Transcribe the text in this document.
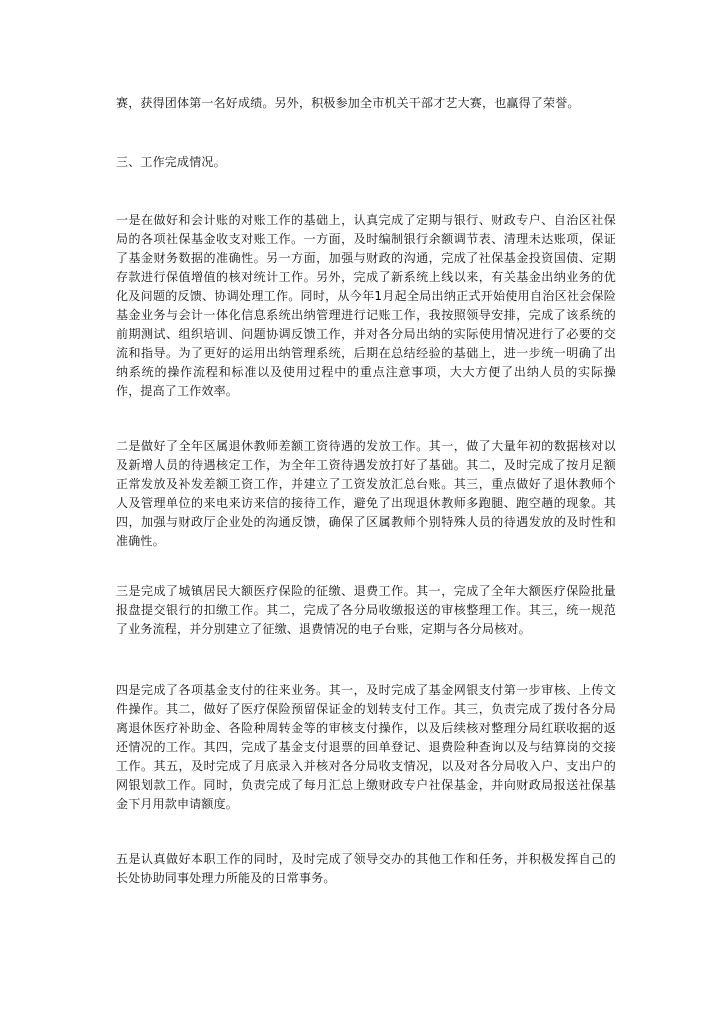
赛，获得团体第一名好成绩。另外，积极参加全市机关干部才艺大赛，也赢得了荣誉。

三、工作完成情况。

一是在做好和会计账的对账工作的基础上，认真完成了定期与银行、财政专户、自治区社保局的各项社保基金收支对账工作。一方面，及时编制银行余额调节表、清理未达账项，保证了基金财务数据的准确性。另一方面，加强与财政的沟通，完成了社保基金投资国债、定期存款进行保值增值的核对统计工作。另外，完成了新系统上线以来，有关基金出纳业务的优化及问题的反馈、协调处理工作。同时，从今年1月起全局出纳正式开始使用自治区社会保险基金业务与会计一体化信息系统出纳管理进行记账工作，我按照领导安排，完成了该系统的前期测试、组织培训、问题协调反馈工作，并对各分局出纳的实际使用情况进行了必要的交流和指导。为了更好的运用出纳管理系统，后期在总结经验的基础上，进一步统一明确了出纳系统的操作流程和标准以及使用过程中的重点注意事项，大大方便了出纳人员的实际操作，提高了工作效率。

二是做好了全年区属退休教师差额工资待遇的发放工作。其一，做了大量年初的数据核对以及新增人员的待遇核定工作，为全年工资待遇发放打好了基础。其二，及时完成了按月足额正常发放及补发差额工资工作，并建立了工资发放汇总台账。其三，重点做好了退休教师个人及管理单位的来电来访来信的接待工作，避免了出现退休教师多跑腿、跑空趟的现象。其四，加强与财政厅企业处的沟通反馈，确保了区属教师个别特殊人员的待遇发放的及时性和准确性。

三是完成了城镇居民大额医疗保险的征缴、退费工作。其一，完成了全年大额医疗保险批量报盘提交银行的扣缴工作。其二，完成了各分局收缴报送的审核整理工作。其三，统一规范了业务流程，并分别建立了征缴、退费情况的电子台账，定期与各分局核对。

四是完成了各项基金支付的往来业务。其一，及时完成了基金网银支付第一步审核、上传文件操作。其二，做好了医疗保险预留保证金的划转支付工作。其三，负责完成了拨付各分局离退休医疗补助金、各险种周转金等的审核支付操作，以及后续核对整理分局红联收据的返还情况的工作。其四，完成了基金支付退票的回单登记、退费险种查询以及与结算岗的交接工作。其五，及时完成了月底录入并核对各分局收支情况，以及对各分局收入户、支出户的网银划款工作。同时，负责完成了每月汇总上缴财政专户社保基金，并向财政局报送社保基金下月用款申请额度。

五是认真做好本职工作的同时，及时完成了领导交办的其他工作和任务，并积极发挥自己的长处协助同事处理力所能及的日常事务。
